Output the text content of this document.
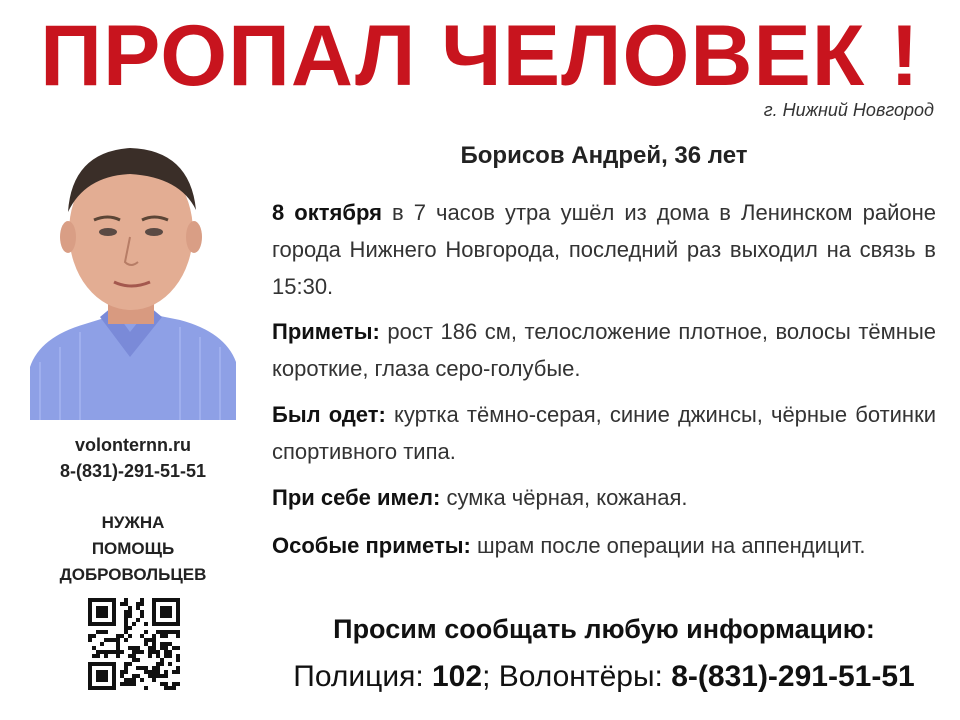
ПРОПАЛ ЧЕЛОВЕК !
г. Нижний Новгород
volonternn.ru
8-(831)-291-51-51
НУЖНА
ПОМОЩЬ
ДОБРОВОЛЬЦЕВ
Борисов Андрей, 36 лет
8 октября в 7 часов утра ушёл из дома в Ленинском районе города Нижнего Новгорода, последний раз выходил на связь в 15:30.
Приметы: рост 186 см, телосложение плотное, волосы тёмные короткие, глаза серо-голубые.
Был одет: куртка тёмно-серая, синие джинсы, чёрные ботинки спортивного типа.
При себе имел: сумка чёрная, кожаная.
Особые приметы: шрам после операции на аппендицит.
Просим сообщать любую информацию:
Полиция: 102; Волонтёры: 8-(831)-291-51-51
